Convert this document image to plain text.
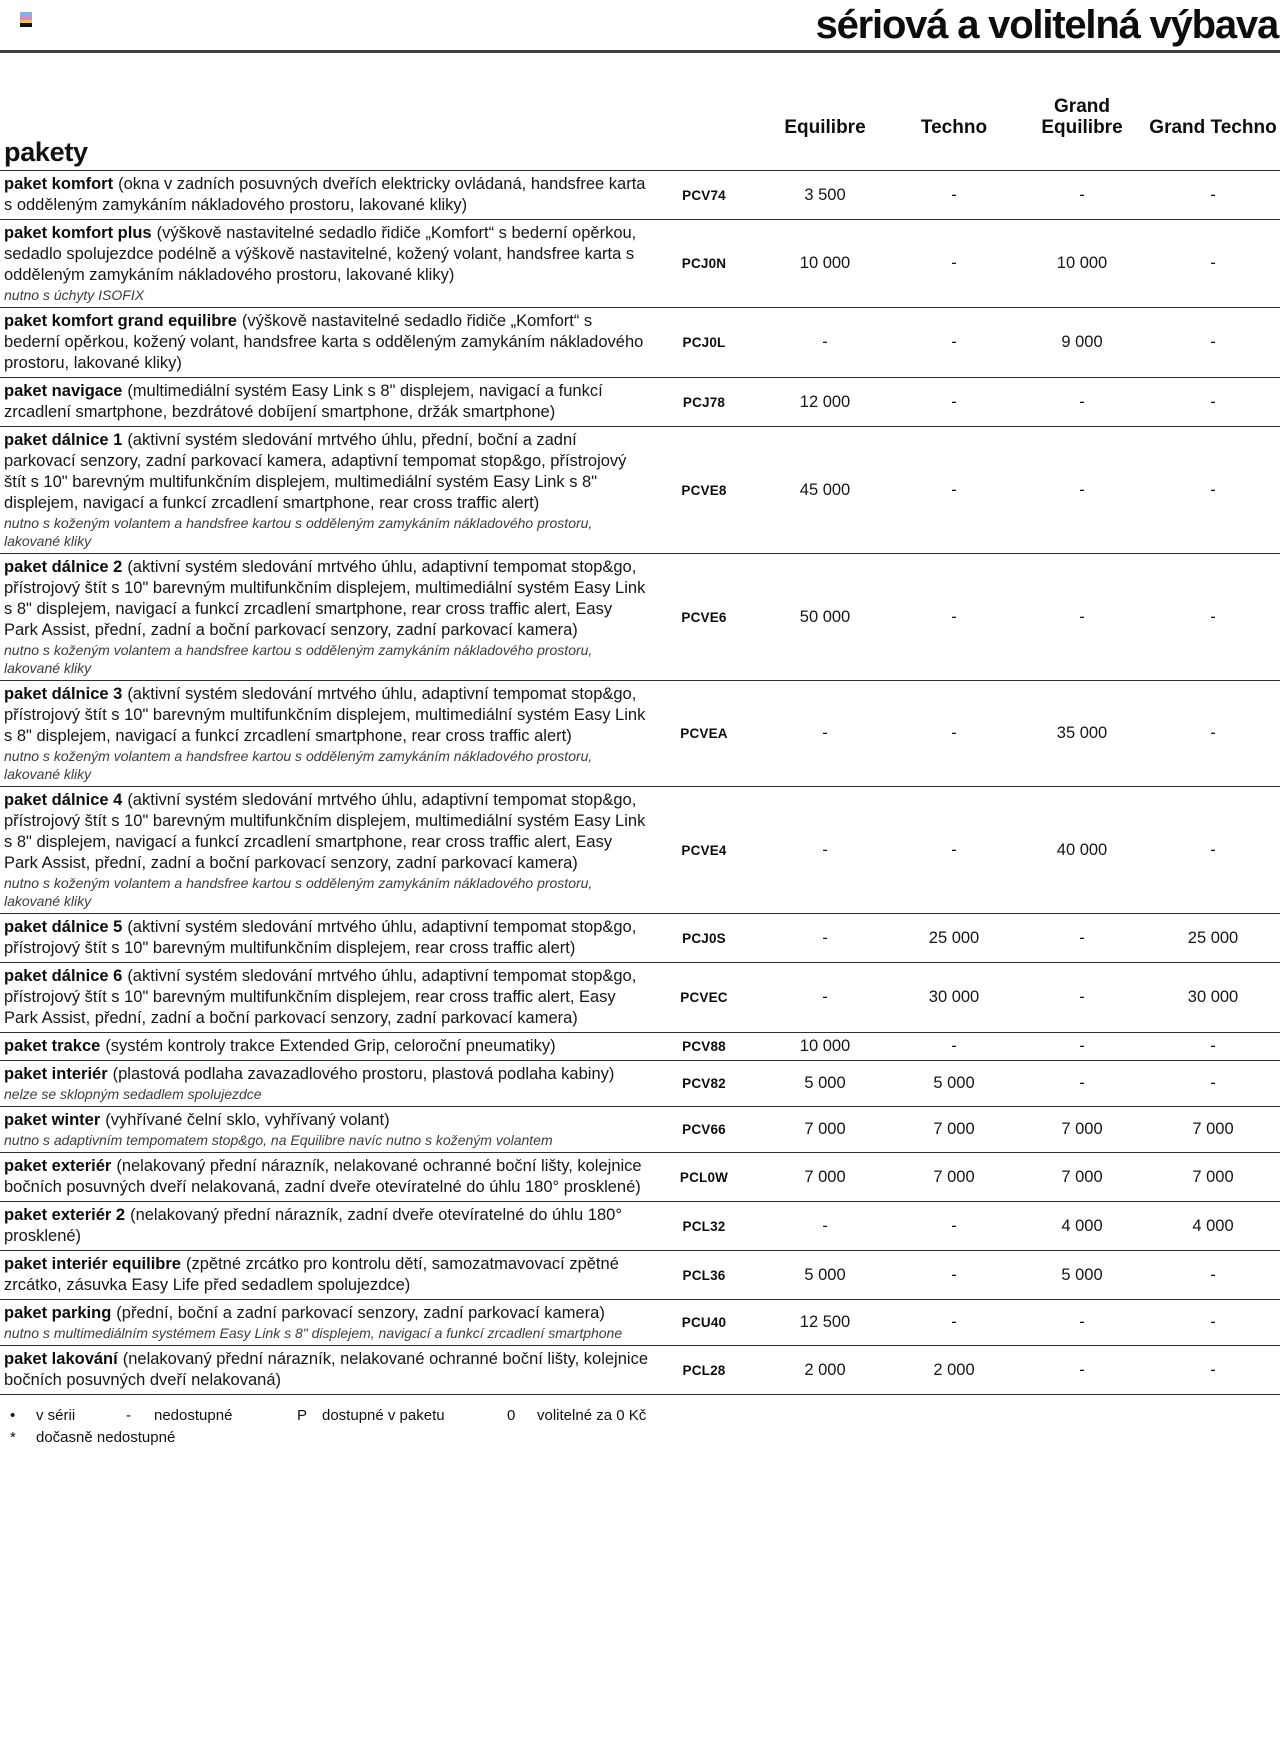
sériová a volitelná výbava
Equilibre	Techno
Grand Equilibre	Grand Techno
pakety
paket komfort (okna v zadních posuvných dveřích elektricky ovládaná, handsfree karta s odděleným zamykáním nákladového prostoru, lakované kliky)
PCV74	3 500	-	-	-
paket komfort plus (výškově nastavitelné sedadlo řidiče „Komfort“ s bederní opěrkou, sedadlo spolujezdce podélně a výškově nastavitelné, kožený volant, handsfree karta s odděleným zamykáním nákladového prostoru, lakované kliky)
nutno s úchyty ISOFIX
PCJ0N	10 000	-	10 000	-
paket komfort grand equilibre (výškově nastavitelné sedadlo řidiče „Komfort“ s bederní opěrkou, kožený volant, handsfree karta s odděleným zamykáním nákladového prostoru, lakované kliky)
PCJ0L	-	-	9 000	-
paket navigace (multimediální systém Easy Link s 8" displejem, navigací a funkcí zrcadlení smartphone, bezdrátové dobíjení smartphone, držák smartphone)
PCJ78	12 000	-	-	-
paket dálnice 1 (aktivní systém sledování mrtvého úhlu, přední, boční a zadní parkovací senzory, zadní parkovací kamera, adaptivní tempomat stop&go, přístrojový štít s 10" barevným multifunkčním displejem, multimediální systém Easy Link s 8" displejem, navigací a funkcí zrcadlení smartphone, rear cross traffic alert)
nutno s koženým volantem a handsfree kartou s odděleným zamykáním nákladového prostoru, lakované kliky
PCVE8	45 000	-	-	-
paket dálnice 2 (aktivní systém sledování mrtvého úhlu, adaptivní tempomat stop&go, přístrojový štít s 10" barevným multifunkčním displejem, multimediální systém Easy Link s 8" displejem, navigací a funkcí zrcadlení smartphone, rear cross traffic alert, Easy Park Assist, přední, zadní a boční parkovací senzory, zadní parkovací kamera)
nutno s koženým volantem a handsfree kartou s odděleným zamykáním nákladového prostoru, lakované kliky
PCVE6	50 000	-	-	-
paket dálnice 3 (aktivní systém sledování mrtvého úhlu, adaptivní tempomat stop&go, přístrojový štít s 10" barevným multifunkčním displejem, multimediální systém Easy Link s 8" displejem, navigací a funkcí zrcadlení smartphone, rear cross traffic alert)
nutno s koženým volantem a handsfree kartou s odděleným zamykáním nákladového prostoru, lakované kliky
PCVEA	-	-	35 000	-
paket dálnice 4 (aktivní systém sledování mrtvého úhlu, adaptivní tempomat stop&go, přístrojový štít s 10" barevným multifunkčním displejem, multimediální systém Easy Link s 8" displejem, navigací a funkcí zrcadlení smartphone, rear cross traffic alert, Easy Park Assist, přední, zadní a boční parkovací senzory, zadní parkovací kamera)
nutno s koženým volantem a handsfree kartou s odděleným zamykáním nákladového prostoru, lakované kliky
PCVE4	-	-	40 000	-
paket dálnice 5 (aktivní systém sledování mrtvého úhlu, adaptivní tempomat stop&go, přístrojový štít s 10" barevným multifunkčním displejem, rear cross traffic alert)
PCJ0S	-	25 000	-	25 000
paket dálnice 6 (aktivní systém sledování mrtvého úhlu, adaptivní tempomat stop&go, přístrojový štít s 10" barevným multifunkčním displejem, rear cross traffic alert, Easy Park Assist, přední, zadní a boční parkovací senzory, zadní parkovací kamera)
PCVEC	-	30 000	-	30 000
paket trakce (systém kontroly trakce Extended Grip, celoroční pneumatiky)	PCV88	10 000	-	-	-
paket interiér (plastová podlaha zavazadlového prostoru, plastová podlaha kabiny)
nelze se sklopným sedadlem spolujezdce
PCV82	5 000	5 000	-	-
paket winter (vyhřívané čelní sklo, vyhřívaný volant)
nutno s adaptivním tempomatem stop&go, na Equilibre navíc nutno s koženým volantem
PCV66	7 000	7 000	7 000	7 000
paket exteriér (nelakovaný přední nárazník, nelakované ochranné boční lišty, kolejnice bočních posuvných dveří nelakovaná, zadní dveře otevíratelné do úhlu 180° prosklené)
PCL0W	7 000	7 000	7 000	7 000
paket exteriér 2 (nelakovaný přední nárazník, zadní dveře otevíratelné do úhlu 180° prosklené)
PCL32	-	-	4 000	4 000
paket interiér equilibre (zpětné zrcátko pro kontrolu dětí, samozatmavovací zpětné zrcátko, zásuvka Easy Life před sedadlem spolujezdce)
PCL36	5 000	-	5 000	-
paket parking (přední, boční a zadní parkovací senzory, zadní parkovací kamera)
nutno s multimediálním systémem Easy Link s 8" displejem, navigací a funkcí zrcadlení smartphone
PCU40	12 500	-	-	-
paket lakování (nelakovaný přední nárazník, nelakované ochranné boční lišty, kolejnice bočních posuvných dveří nelakovaná)
PCL28	2 000	2 000	-	-
•	v sérii	-	nedostupné	P dostupné v paketu	0	volitelné za 0 Kč
*	dočasně nedostupné
